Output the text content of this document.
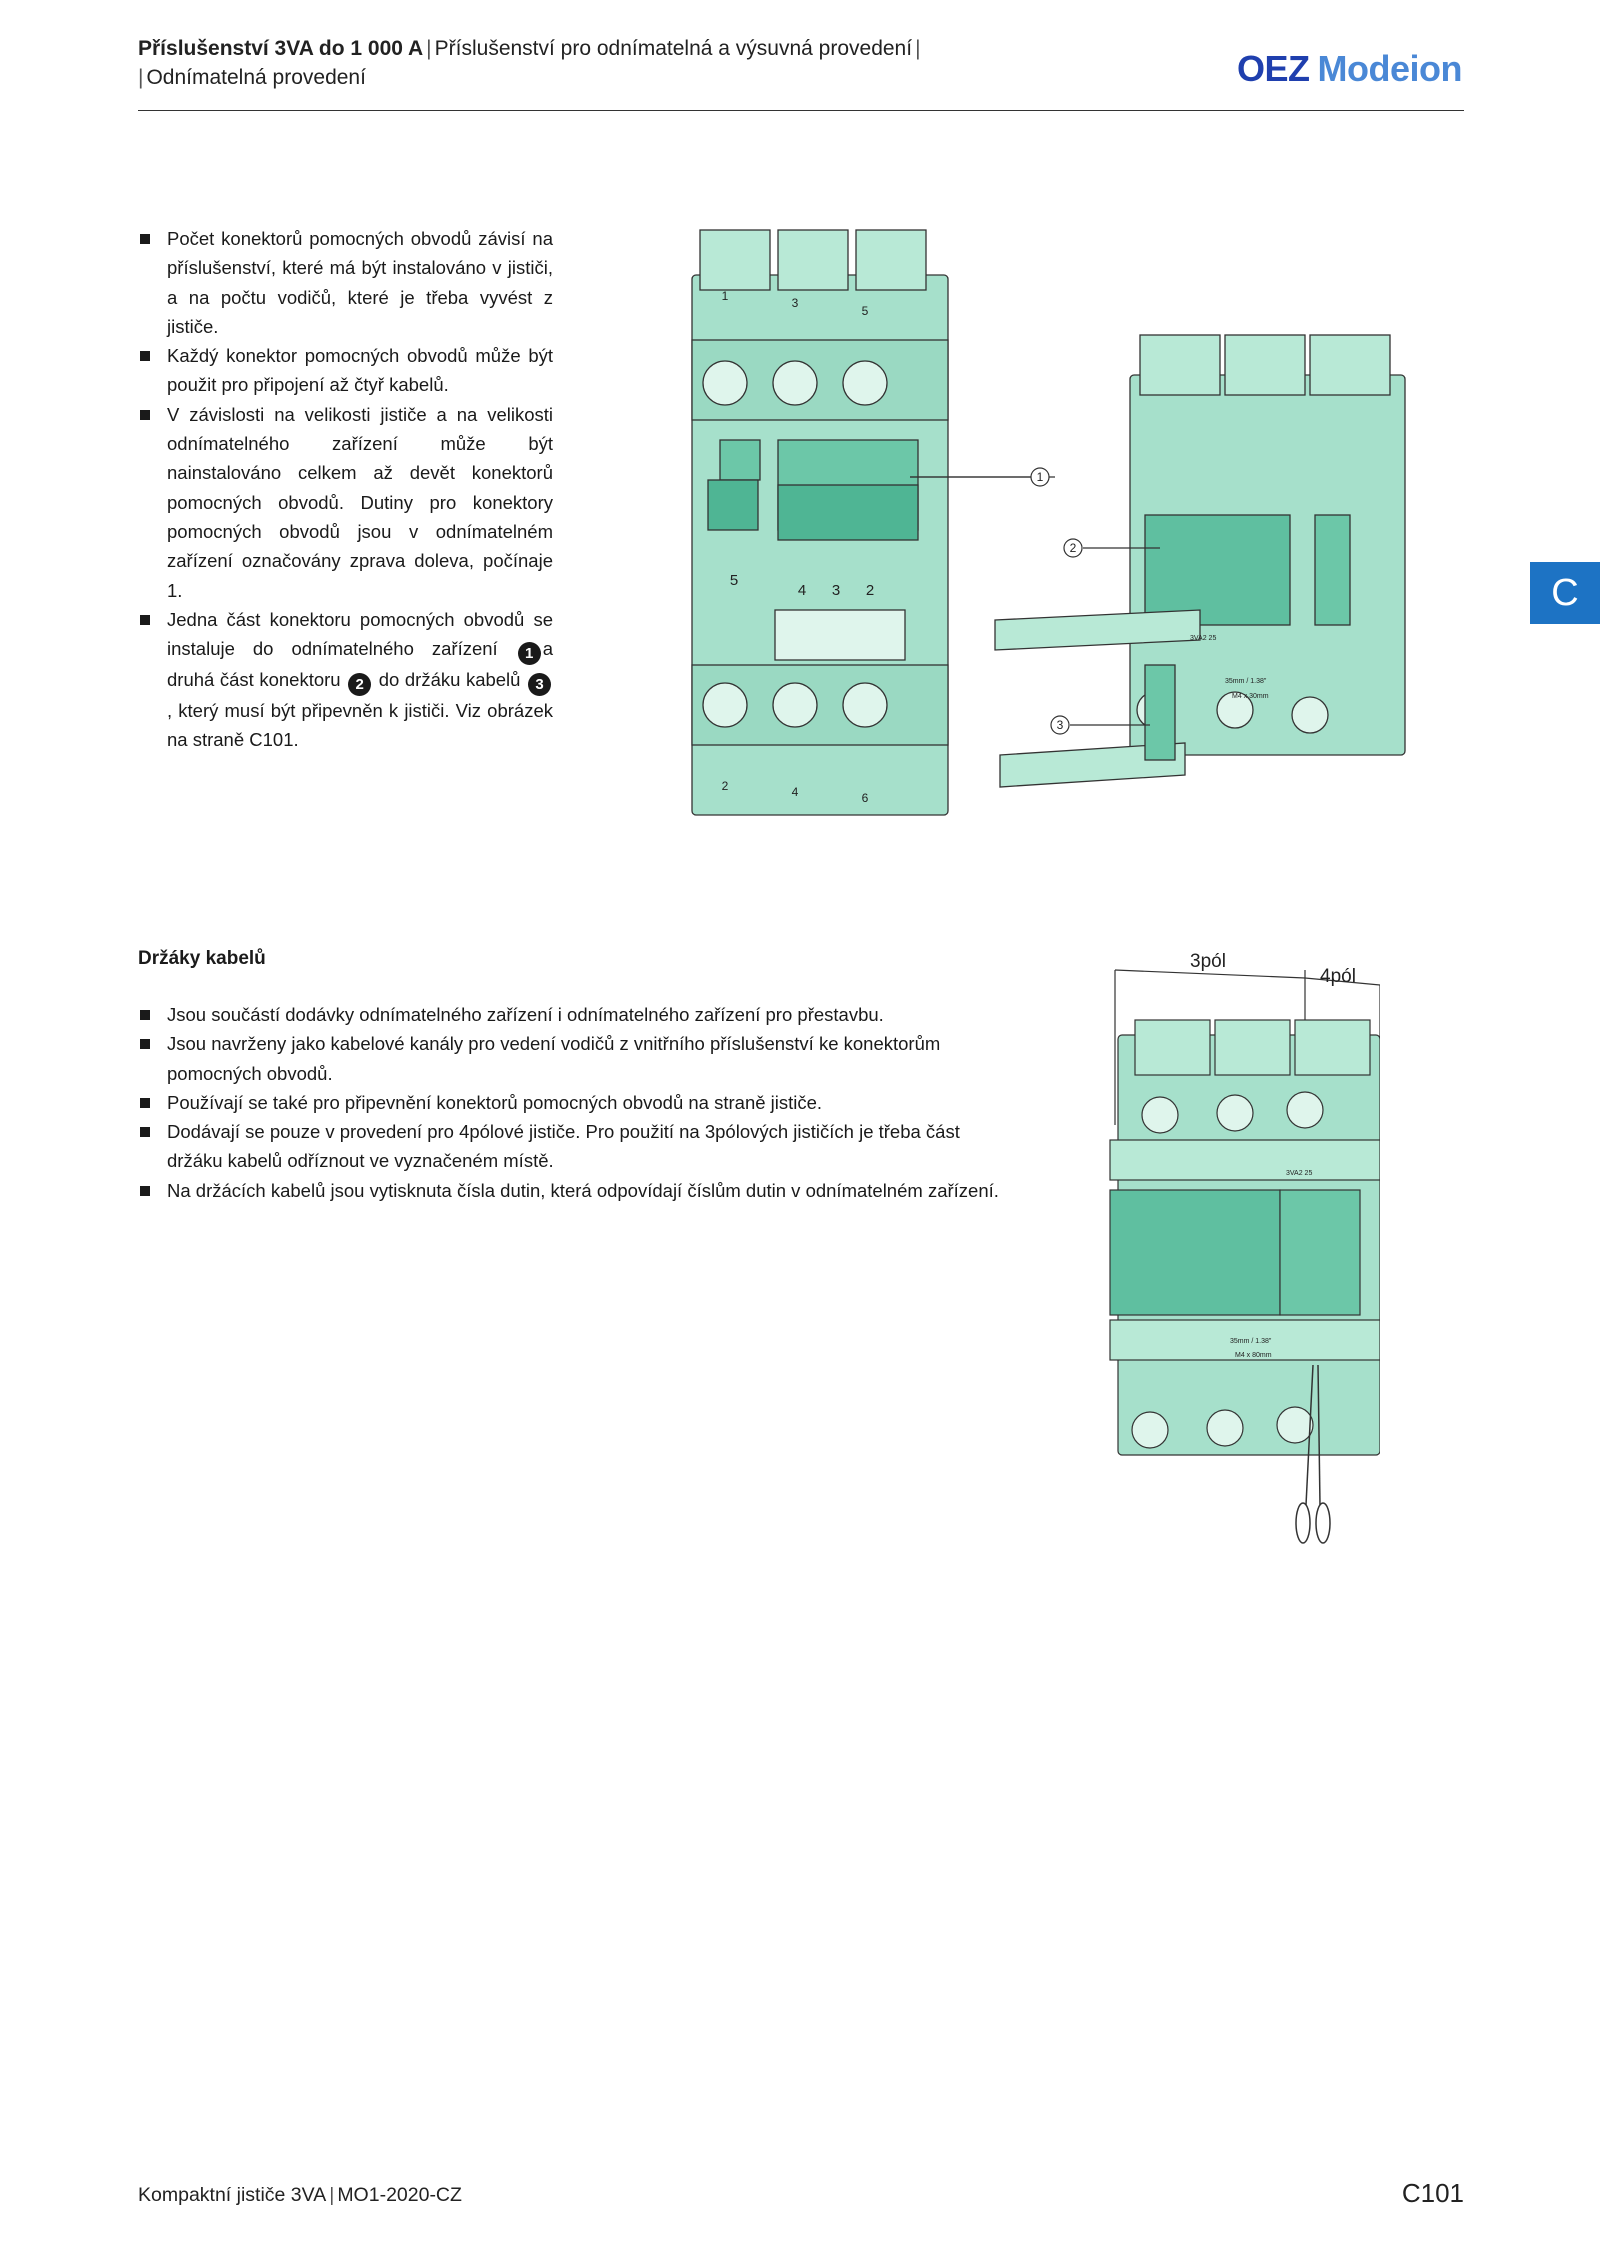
Příslušenství 3VA do 1 000 A | Příslušenství pro odnímatelná a výsuvná provedení |
| Odnímatelná provedení	OEZ Modeion
C
Počet konektorů pomocných obvodů závisí na příslušenství, které má být instalováno v jističi, a na počtu vodičů, které je třeba vyvést z jističe.
Každý konektor pomocných obvodů může být použit pro připojení až čtyř kabelů.
V závislosti na velikosti jističe a na velikosti odnímatelného zařízení může být nainstalováno celkem až devět konektorů pomocných obvodů. Dutiny pro konektory pomocných obvodů jsou v odnímatelném zařízení označovány zprava doleva, počínaje 1.
Jedna část konektoru pomocných obvodů se instaluje do odnímatelného zařízení 1 a druhá část konektoru 2 do držáku kabelů 3, který musí být připevněn k jističi. Viz obrázek na straně C101.
1
2
3
1	3
5
2	4	6
5
4 3 2
35mm / 1.38"
M4 x 30mm
3VA2 25
Držáky kabelů
Jsou součástí dodávky odnímatelného zařízení i odnímatelného zařízení pro přestavbu.
Jsou navrženy jako kabelové kanály pro vedení vodičů z vnitřního příslušenství ke konektorům pomocných obvodů.
Používají se také pro připevnění konektorů pomocných obvodů na straně jističe.
Dodávají se pouze v provedení pro 4pólové jističe. Pro použití na 3pólových jističích je třeba část držáku kabelů odříznout ve vyznačeném místě.
Na držácích kabelů jsou vytisknuta čísla dutin, která odpovídají číslům dutin v odnímatelném zařízení.
3pól
4pól
35mm / 1.38"
M4 x 80mm
3VA2 25
Kompaktní jističe 3VA | MO1-2020-CZ	C101
